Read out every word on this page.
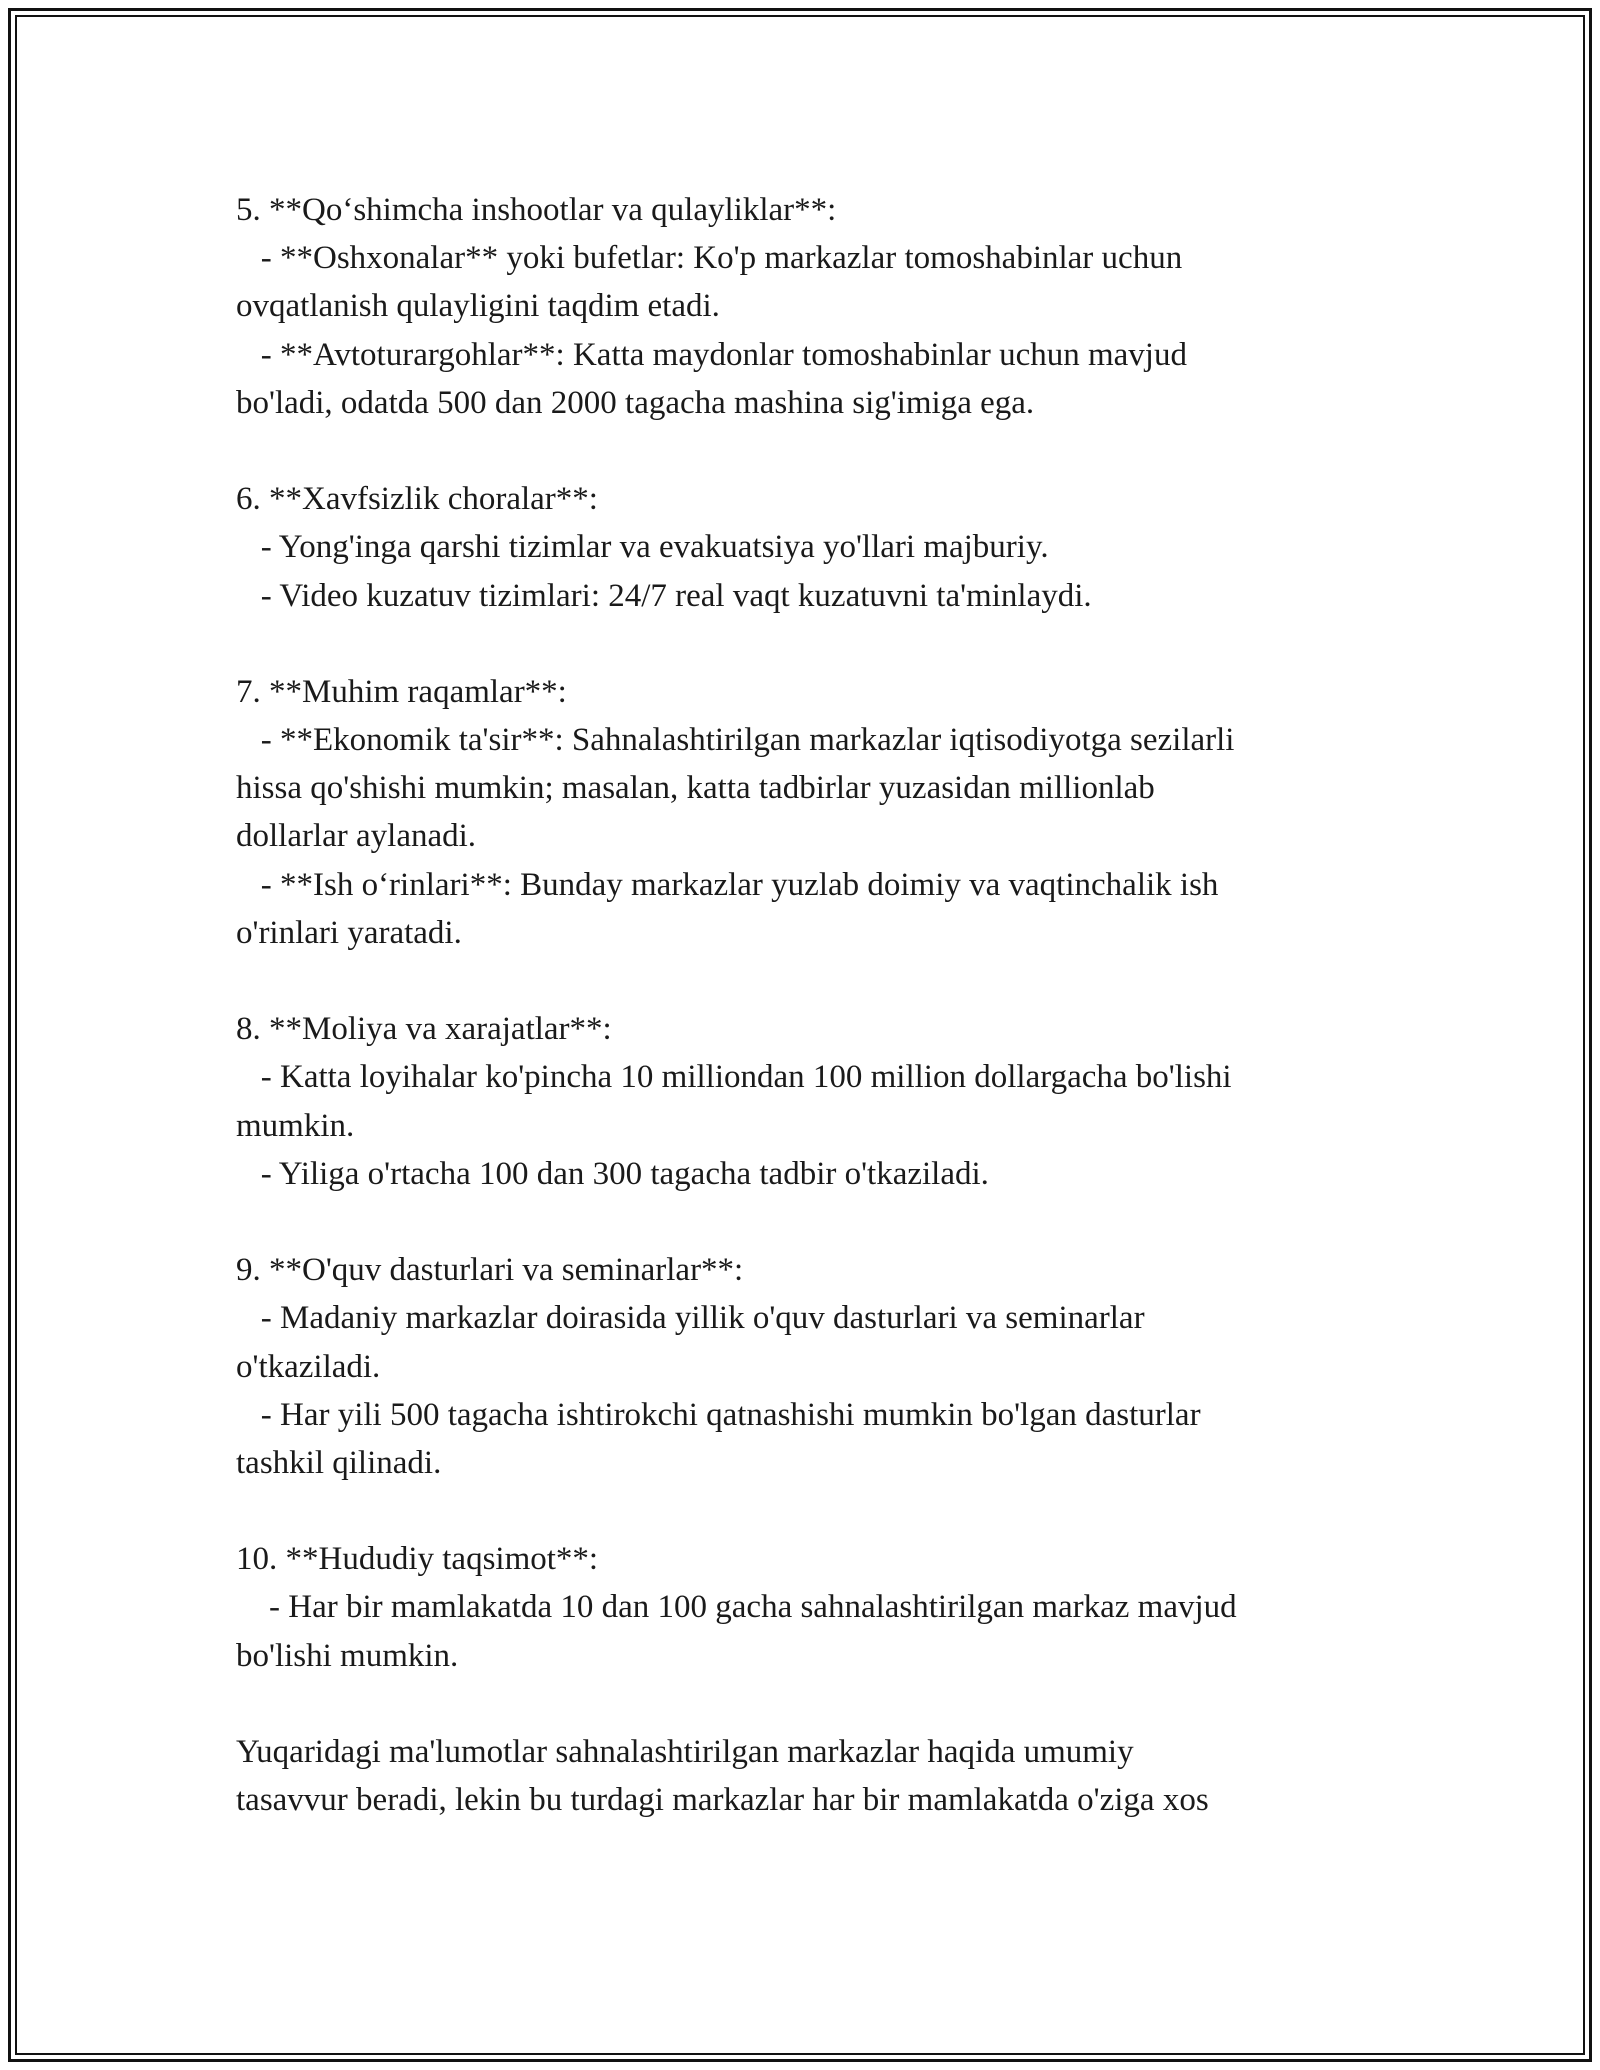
5. **Qo‘shimcha inshootlar va qulayliklar**:
- **Oshxonalar** yoki bufetlar: Ko'p markazlar tomoshabinlar uchun
ovqatlanish qulayligini taqdim etadi.
- **Avtoturargohlar**: Katta maydonlar tomoshabinlar uchun mavjud
bo'ladi, odatda 500 dan 2000 tagacha mashina sig'imiga ega.
6. **Xavfsizlik choralar**:
- Yong'inga qarshi tizimlar va evakuatsiya yo'llari majburiy.
- Video kuzatuv tizimlari: 24/7 real vaqt kuzatuvni ta'minlaydi.
7. **Muhim raqamlar**:
- **Ekonomik ta'sir**: Sahnalashtirilgan markazlar iqtisodiyotga sezilarli
hissa qo'shishi mumkin; masalan, katta tadbirlar yuzasidan millionlab
dollarlar aylanadi.
- **Ish o‘rinlari**: Bunday markazlar yuzlab doimiy va vaqtinchalik ish
o'rinlari yaratadi.
8. **Moliya va xarajatlar**:
- Katta loyihalar ko'pincha 10 milliondan 100 million dollargacha bo'lishi
mumkin.
- Yiliga o'rtacha 100 dan 300 tagacha tadbir o'tkaziladi.
9. **O'quv dasturlari va seminarlar**:
- Madaniy markazlar doirasida yillik o'quv dasturlari va seminarlar
o'tkaziladi.
- Har yili 500 tagacha ishtirokchi qatnashishi mumkin bo'lgan dasturlar
tashkil qilinadi.
10. **Hududiy taqsimot**:
- Har bir mamlakatda 10 dan 100 gacha sahnalashtirilgan markaz mavjud
bo'lishi mumkin.
Yuqaridagi ma'lumotlar sahnalashtirilgan markazlar haqida umumiy
tasavvur beradi, lekin bu turdagi markazlar har bir mamlakatda o'ziga xos
